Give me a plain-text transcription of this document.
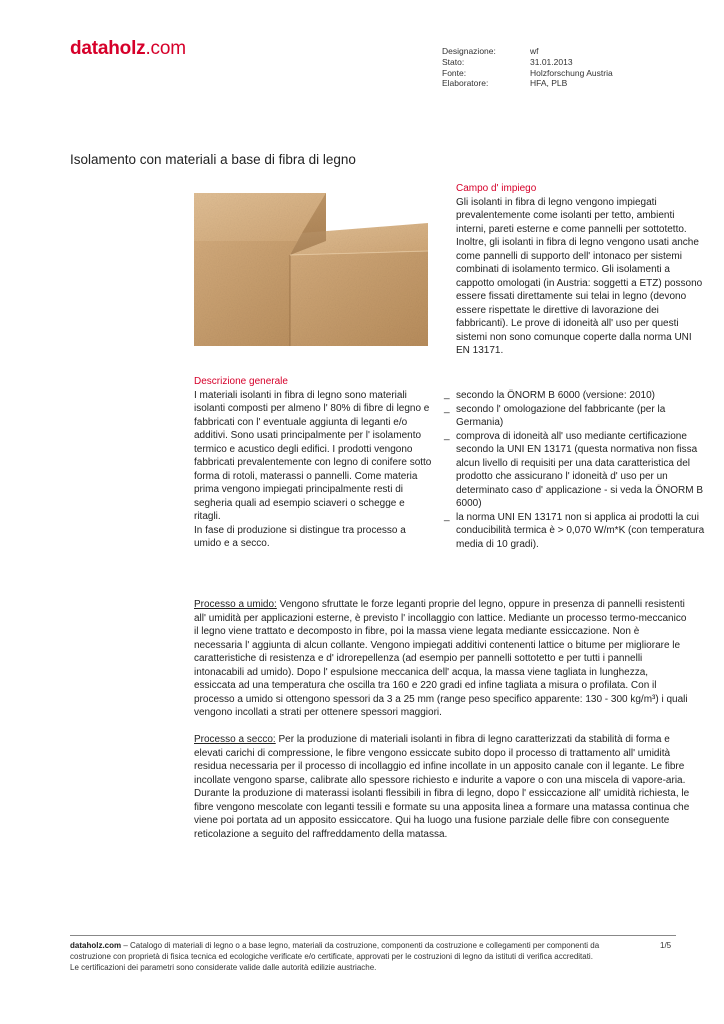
dataholz.com	Designazione:
Stato:
Fonte:
Elaboratore:
wf
31.01.2013
Holzforschung Austria
HFA, PLB
Isolamento con materiali a base di fibra di legno
Campo d' impiego
Gli isolanti in fibra di legno vengono impiegati prevalentemente come isolanti per tetto, ambienti interni, pareti esterne e come pannelli per sottotetto. Inoltre, gli isolanti in fibra di legno vengono usati anche come pannelli di supporto dell' intonaco per sistemi combinati di isolamento termico. Gli isolamenti a cappotto omologati (in Austria: soggetti a ETZ) possono essere fissati direttamente sui telai in legno (devono essere rispettate le direttive di lavorazione dei fabbricanti). Le prove di idoneità all' uso per questi sistemi non sono comunque coperte dalla norma UNI EN 13171.
_ secondo la ÖNORM B 6000 (versione: 2010)
_ secondo l' omologazione del fabbricante (per la Germania)
_ comprova di idoneità all' uso mediante certificazione secondo la UNI EN 13171 (questa normativa non fissa alcun livello di requisiti per una data caratteristica del prodotto che assicurano l' idoneità d' uso per un determinato caso d' applicazione - si veda la ÖNORM B 6000)
_ la norma UNI EN 13171 non si applica ai prodotti la cui conducibilità termica è > 0,070 W/m*K (con temperatura media di 10 gradi).
Descrizione generale
I materiali isolanti in fibra di legno sono materiali isolanti composti per almeno l' 80% di fibre di legno e fabbricati con l' eventuale aggiunta di leganti e/o additivi. Sono usati principalmente per l' isolamento termico e acustico degli edifici. I prodotti vengono fabbricati prevalentemente con legno di conifere sotto forma di rotoli, materassi o pannelli. Come materia prima vengono impiegati principalmente resti di segheria quali ad esempio sciaveri o schegge e ritagli.
In fase di produzione si distingue tra processo a umido e a secco.

Processo a umido: Vengono sfruttate le forze leganti proprie del legno, oppure in presenza di pannelli resistenti all' umidità per applicazioni esterne, è previsto l' incollaggio con lattice. Mediante un processo termo-meccanico il legno viene trattato e decomposto in fibre, poi la massa viene legata mediante essiccazione. Non è necessaria l' aggiunta di alcun collante. Vengono impiegati additivi contenenti lattice o bitume per migliorare le caratteristiche di resistenza e d' idrorepellenza (ad esempio per pannelli sottotetto e per tutti i pannelli intonacabili ad umido). Dopo l' espulsione meccanica dell' acqua, la massa viene tagliata in lunghezza, essiccata ad una temperatura che oscilla tra 160 e 220 gradi ed infine tagliata a misura o profilata. Con il processo a umido si ottengono spessori da 3 a 25 mm (range peso specifico apparente: 130 - 300 kg/m³) i quali vengono incollati a strati per ottenere spessori maggiori.

Processo a secco: Per la produzione di materiali isolanti in fibra di legno caratterizzati da stabilità di forma e elevati carichi di compressione, le fibre vengono essiccate subito dopo il processo di trattamento all' umidità residua necessaria per il processo di incollaggio ed infine incollate in un apposito canale con il legante. Le fibre incollate vengono sparse, calibrate allo spessore richiesto e indurite a vapore o con una miscela di vapore-aria. Durante la produzione di materassi isolanti flessibili in fibra di legno, dopo l' essiccazione all' umidità richiesta, le fibre vengono mescolate con leganti tessili e formate su una apposita linea a formare una matassa continua che viene poi portata ad un apposito essiccatore. Qui ha luogo una fusione parziale delle fibre con conseguente reticolazione a seguito del raffreddamento della matassa.

dataholz.com – Catalogo di materiali di legno o a base legno, materiali da costruzione, componenti da costruzione e collegamenti per componenti da costruzione con proprietà di fisica tecnica ed ecologiche verificate e/o certificate, approvati per le costruzioni di legno da istituti di verifica accreditati.
Le certificazioni dei parametri sono considerate valide dalle autorità edilizie austriache.
1/5
